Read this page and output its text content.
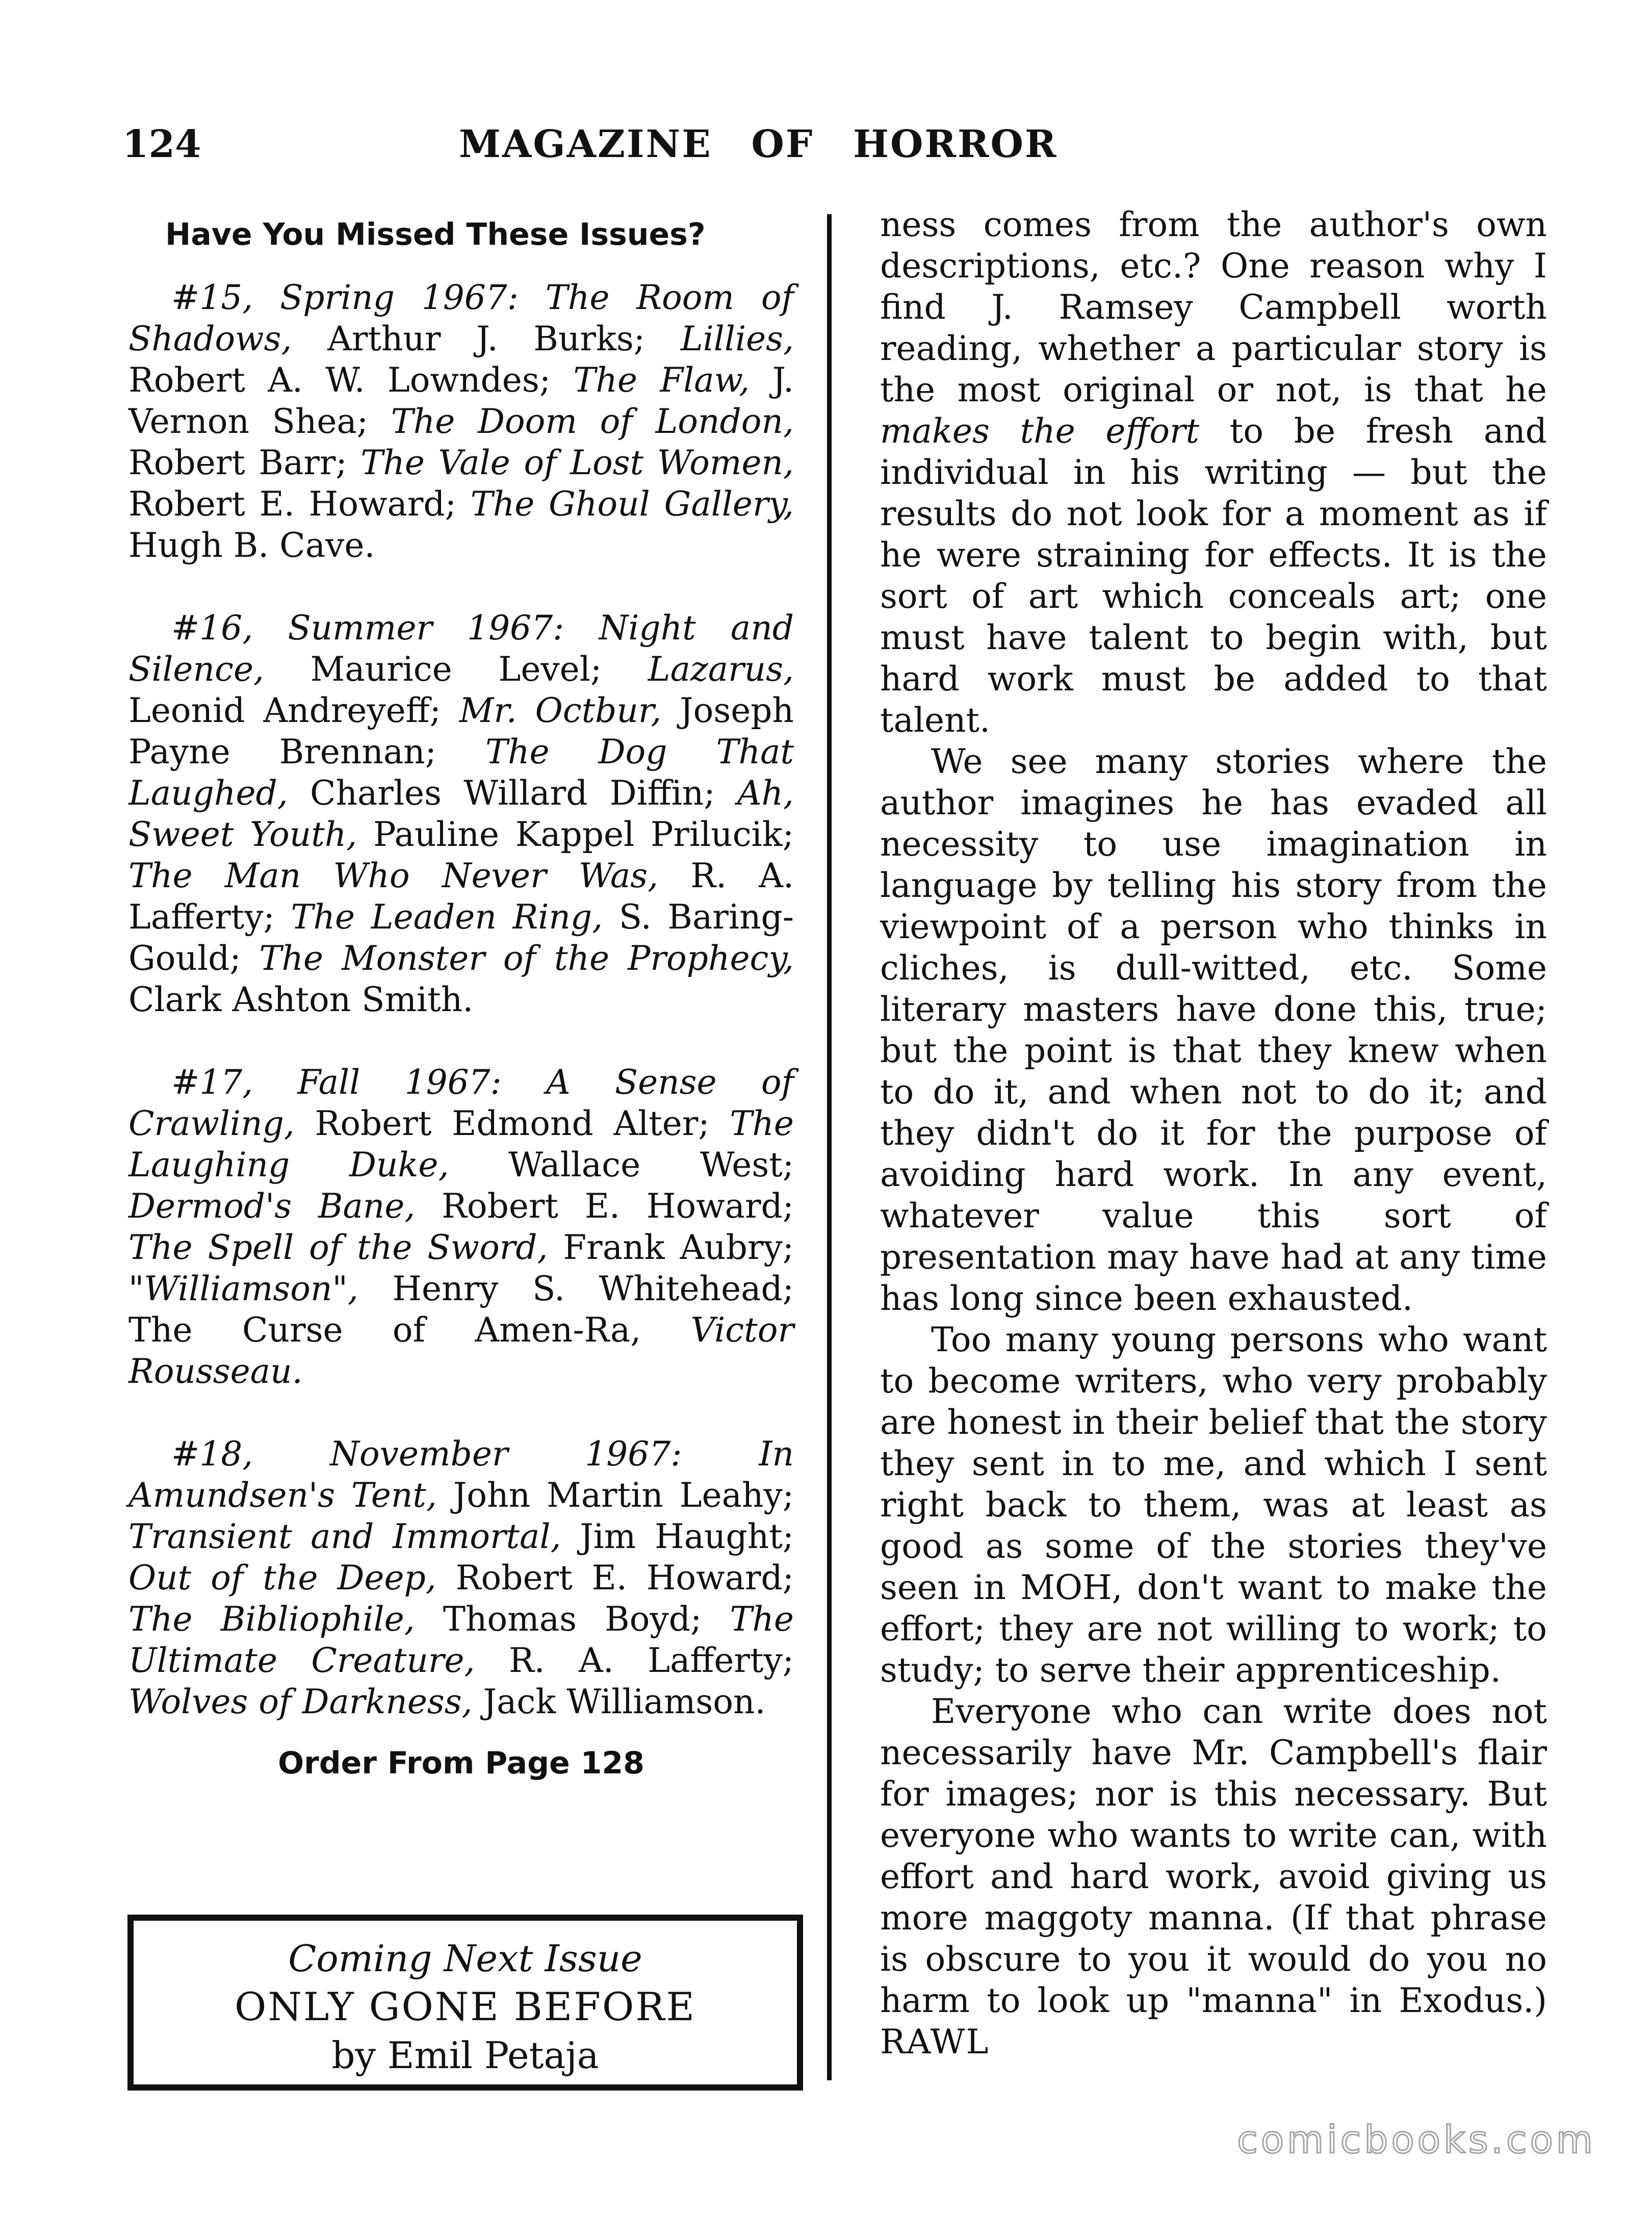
124	MAGAZINE OF HORROR
Have You Missed These Issues?

#15, Spring 1967: The Room of Shadows, Arthur J. Burks; Lillies, Robert A. W. Lowndes; The Flaw, J. Vernon Shea; The Doom of London, Robert Barr; The Vale of Lost Women, Robert E. Howard; The Ghoul Gallery, Hugh B. Cave.

#16, Summer 1967: Night and Silence, Maurice Level; Lazarus, Leonid Andreyeff; Mr. Octbur, Joseph Payne Brennan; The Dog That Laughed, Charles Willard Diffin; Ah, Sweet Youth, Pauline Kappel Prilucik; The Man Who Never Was, R. A. Lafferty; The Leaden Ring, S. Baring-Gould; The Monster of the Prophecy, Clark Ashton Smith.

#17, Fall 1967: A Sense of Crawling, Robert Edmond Alter; The Laughing Duke, Wallace West; Dermod's Bane, Robert E. Howard; The Spell of the Sword, Frank Aubry; "Williamson", Henry S. Whitehead; The Curse of Amen-Ra, Victor Rousseau.

#18, November 1967: In Amundsen's Tent, John Martin Leahy; Transient and Immortal, Jim Haught; Out of the Deep, Robert E. Howard; The Bibliophile, Thomas Boyd; The Ultimate Creature, R. A. Lafferty; Wolves of Darkness, Jack Williamson.

Order From Page 128
Coming Next Issue
ONLY GONE BEFORE
by Emil Petaja

ness comes from the author's own descriptions, etc.? One reason why I find J. Ramsey Campbell worth reading, whether a particular story is the most original or not, is that he makes the effort to be fresh and individual in his writing — but the results do not look for a moment as if he were straining for effects. It is the sort of art which conceals art; one must have talent to begin with, but hard work must be added to that talent.

We see many stories where the author imagines he has evaded all necessity to use imagination in language by telling his story from the viewpoint of a person who thinks in cliches, is dull-witted, etc. Some literary masters have done this, true; but the point is that they knew when to do it, and when not to do it; and they didn't do it for the purpose of avoiding hard work. In any event, whatever value this sort of presentation may have had at any time has long since been exhausted.

Too many young persons who want to become writers, who very probably are honest in their belief that the story they sent in to me, and which I sent right back to them, was at least as good as some of the stories they've seen in MOH, don't want to make the effort; they are not willing to work; to study; to serve their apprenticeship.

Everyone who can write does not necessarily have Mr. Campbell's flair for images; nor is this necessary. But everyone who wants to write can, with effort and hard work, avoid giving us more maggoty manna. (If that phrase is obscure to you it would do you no harm to look up "manna" in Exodus.) RAWL

comicbooks.com
